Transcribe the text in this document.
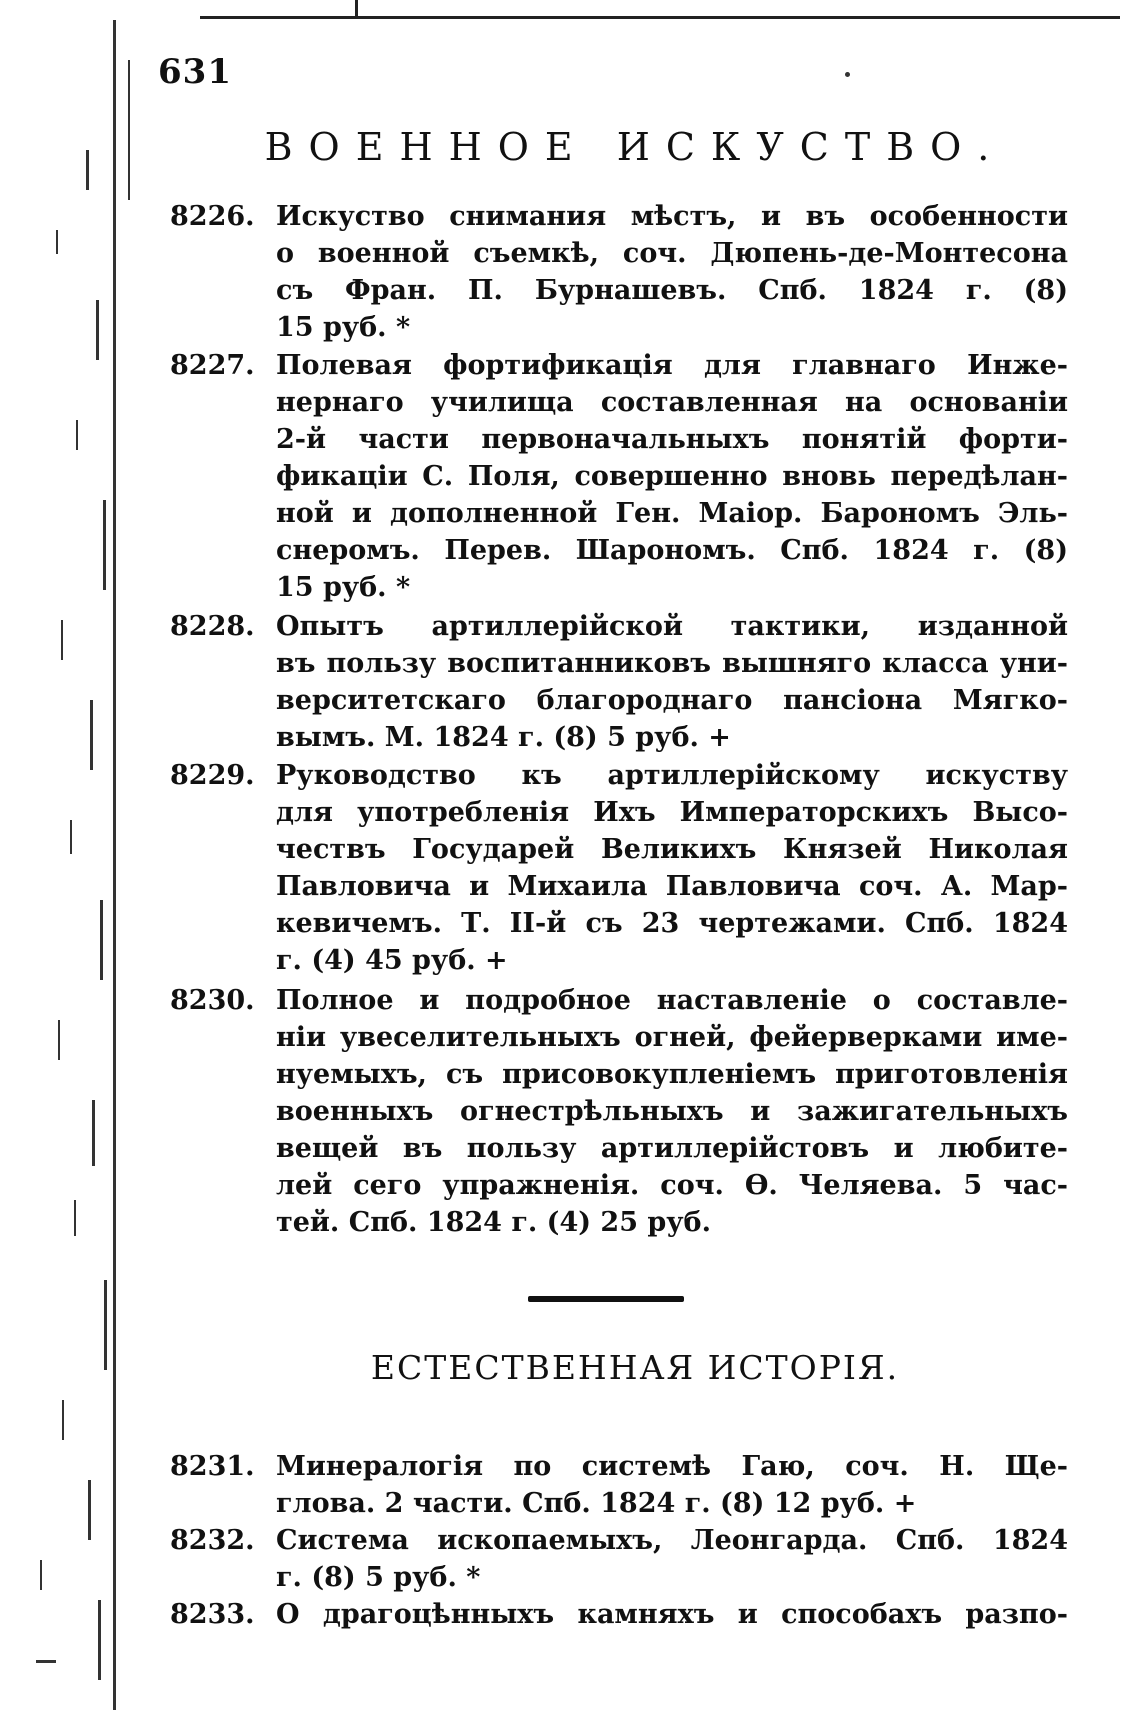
631
ВОЕННОЕ ИСКУСТВО.
8226. Искуство снимания мѣстъ, и въ особенности
о военной съемкѣ, соч. Дюпень-де-Монтесона
съ Фран. П. Бурнашевъ. Спб. 1824 г. (8)
15 руб. *
8227. Полевая фортификація для главнаго Инже-
нернаго училища составленная на основаніи
2-й части первоначальныхъ понятій форти-
фикаціи С. Поля, совершенно вновь передѣлан-
ной и дополненной Ген. Маіор. Барономъ Эль-
снеромъ. Перев. Шарономъ. Спб. 1824 г. (8)
15 руб. *
8228. Опытъ артиллерійской тактики, изданной
въ пользу воспитанниковъ вышняго класса уни-
верситетскаго благороднаго пансіона Мягко-
вымъ. М. 1824 г. (8) 5 руб. +
8229. Руководство къ артиллерійскому искуству
для употребленія Ихъ Императорскихъ Высо-
чествъ Государей Великихъ Князей Николая
Павловича и Михаила Павловича соч. А. Мар-
кевичемъ. Т. II-й съ 23 чертежами. Спб. 1824
г. (4) 45 руб. +
8230. Полное и подробное наставленіе о составле-
ніи увеселительныхъ огней, фейерверками име-
нуемыхъ, съ присовокупленіемъ приготовленія
военныхъ огнестрѣльныхъ и зажигательныхъ
вещей въ пользу артиллерійстовъ и любите-
лей сего упражненія. соч. Ѳ. Челяева. 5 час-
тей. Спб. 1824 г. (4) 25 руб.
ЕСТЕСТВЕННАЯ ИСТОРІЯ.
8231. Минералогія по системѣ Гаю, соч. Н. Щe-
глова. 2 части. Спб. 1824 г. (8) 12 руб. +
8232. Система ископаемыхъ, Леонгарда. Спб. 1824
г. (8) 5 руб. *
8233. О драгоцѣнныхъ камняхъ и способахъ разпо-
